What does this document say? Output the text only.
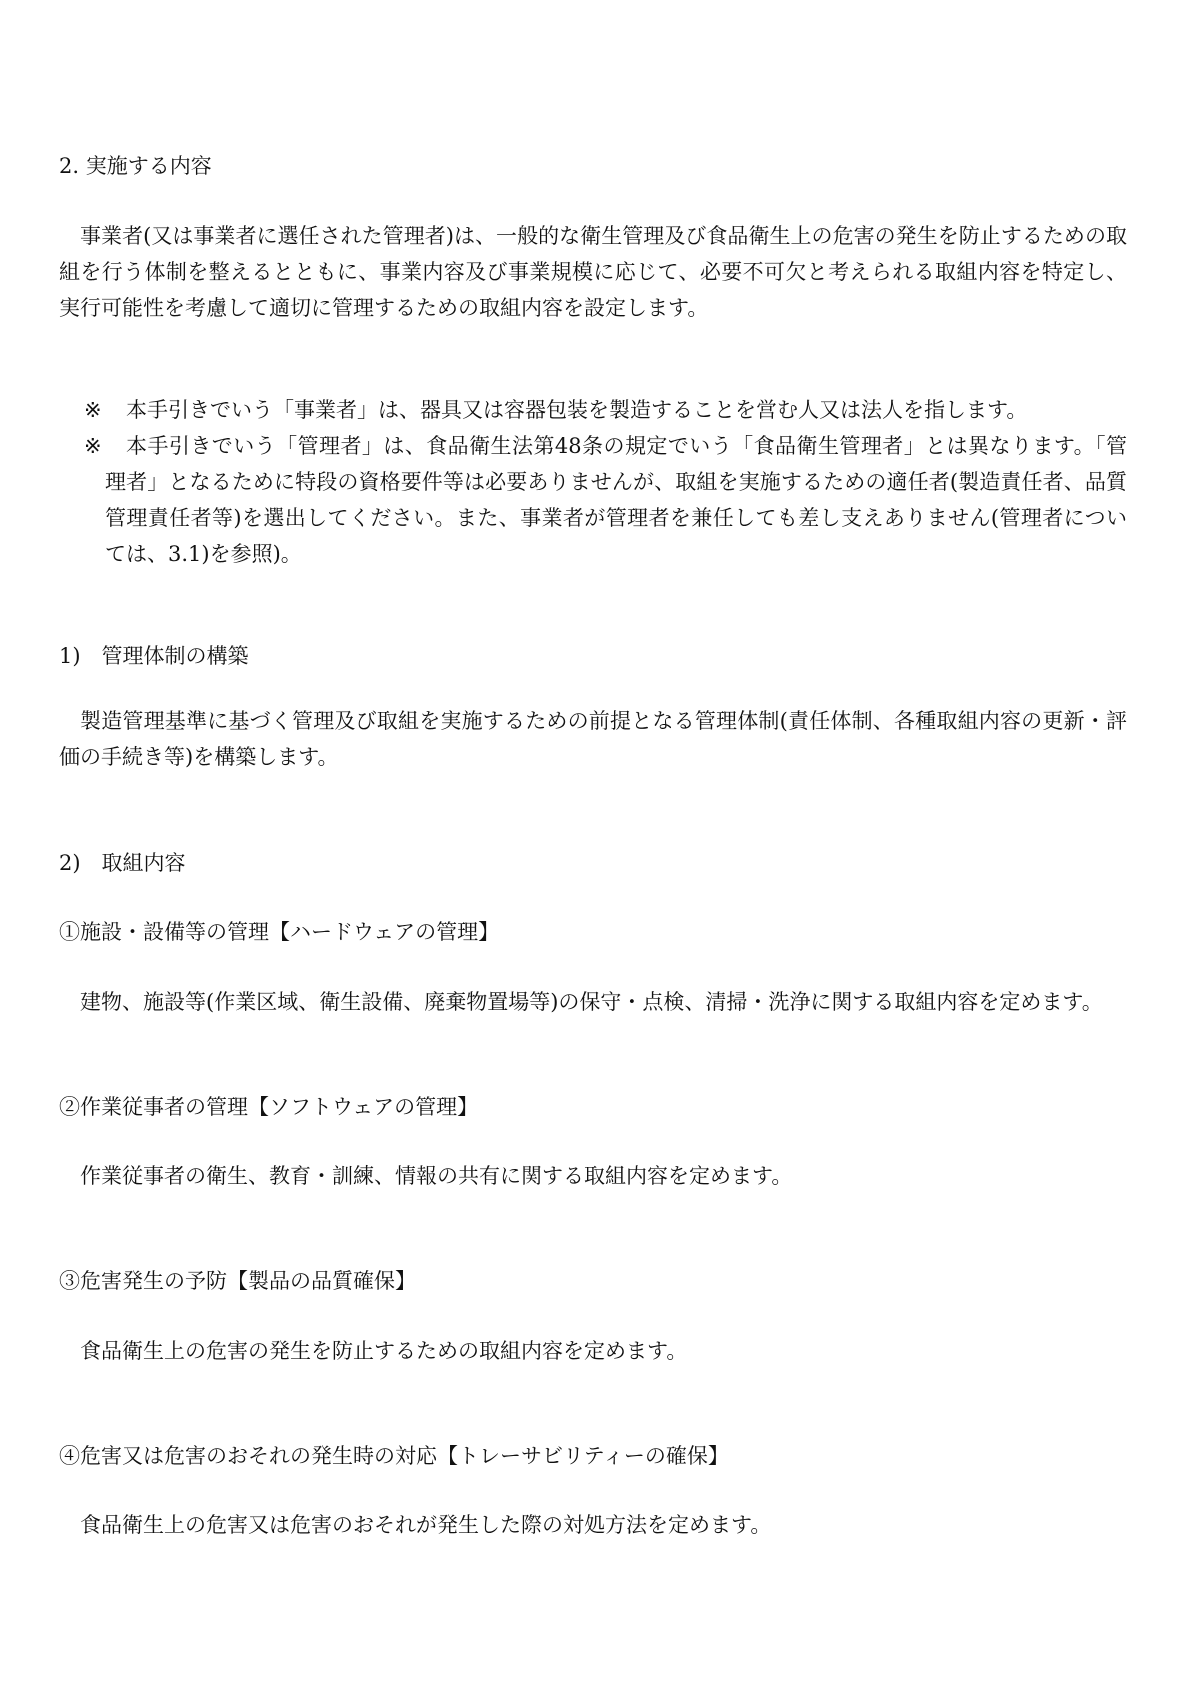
2. 実施する内容

事業者(又は事業者に選任された管理者)は、一般的な衛生管理及び食品衛生上の危害の発生を防止するための取組を行う体制を整えるとともに、事業内容及び事業規模に応じて、必要不可欠と考えられる取組内容を特定し、実行可能性を考慮して適切に管理するための取組内容を設定します。

※	本手引きでいう「事業者」は、器具又は容器包装を製造することを営む人又は法人を指します。
※	本手引きでいう「管理者」は、食品衛生法第48条の規定でいう「食品衛生管理者」とは異なります。「管理者」となるために特段の資格要件等は必要ありませんが、取組を実施するための適任者(製造責任者、品質管理責任者等)を選出してください。また、事業者が管理者を兼任しても差し支えありません(管理者については、3.1)を参照)。
1)　管理体制の構築

製造管理基準に基づく管理及び取組を実施するための前提となる管理体制(責任体制、各種取組内容の更新・評価の手続き等)を構築します。

2)　取組内容
①施設・設備等の管理【ハードウェアの管理】

建物、施設等(作業区域、衛生設備、廃棄物置場等)の保守・点検、清掃・洗浄に関する取組内容を定めます。

②作業従事者の管理【ソフトウェアの管理】

作業従事者の衛生、教育・訓練、情報の共有に関する取組内容を定めます。

③危害発生の予防【製品の品質確保】

食品衛生上の危害の発生を防止するための取組内容を定めます。

④危害又は危害のおそれの発生時の対応【トレーサビリティーの確保】

食品衛生上の危害又は危害のおそれが発生した際の対処方法を定めます。
